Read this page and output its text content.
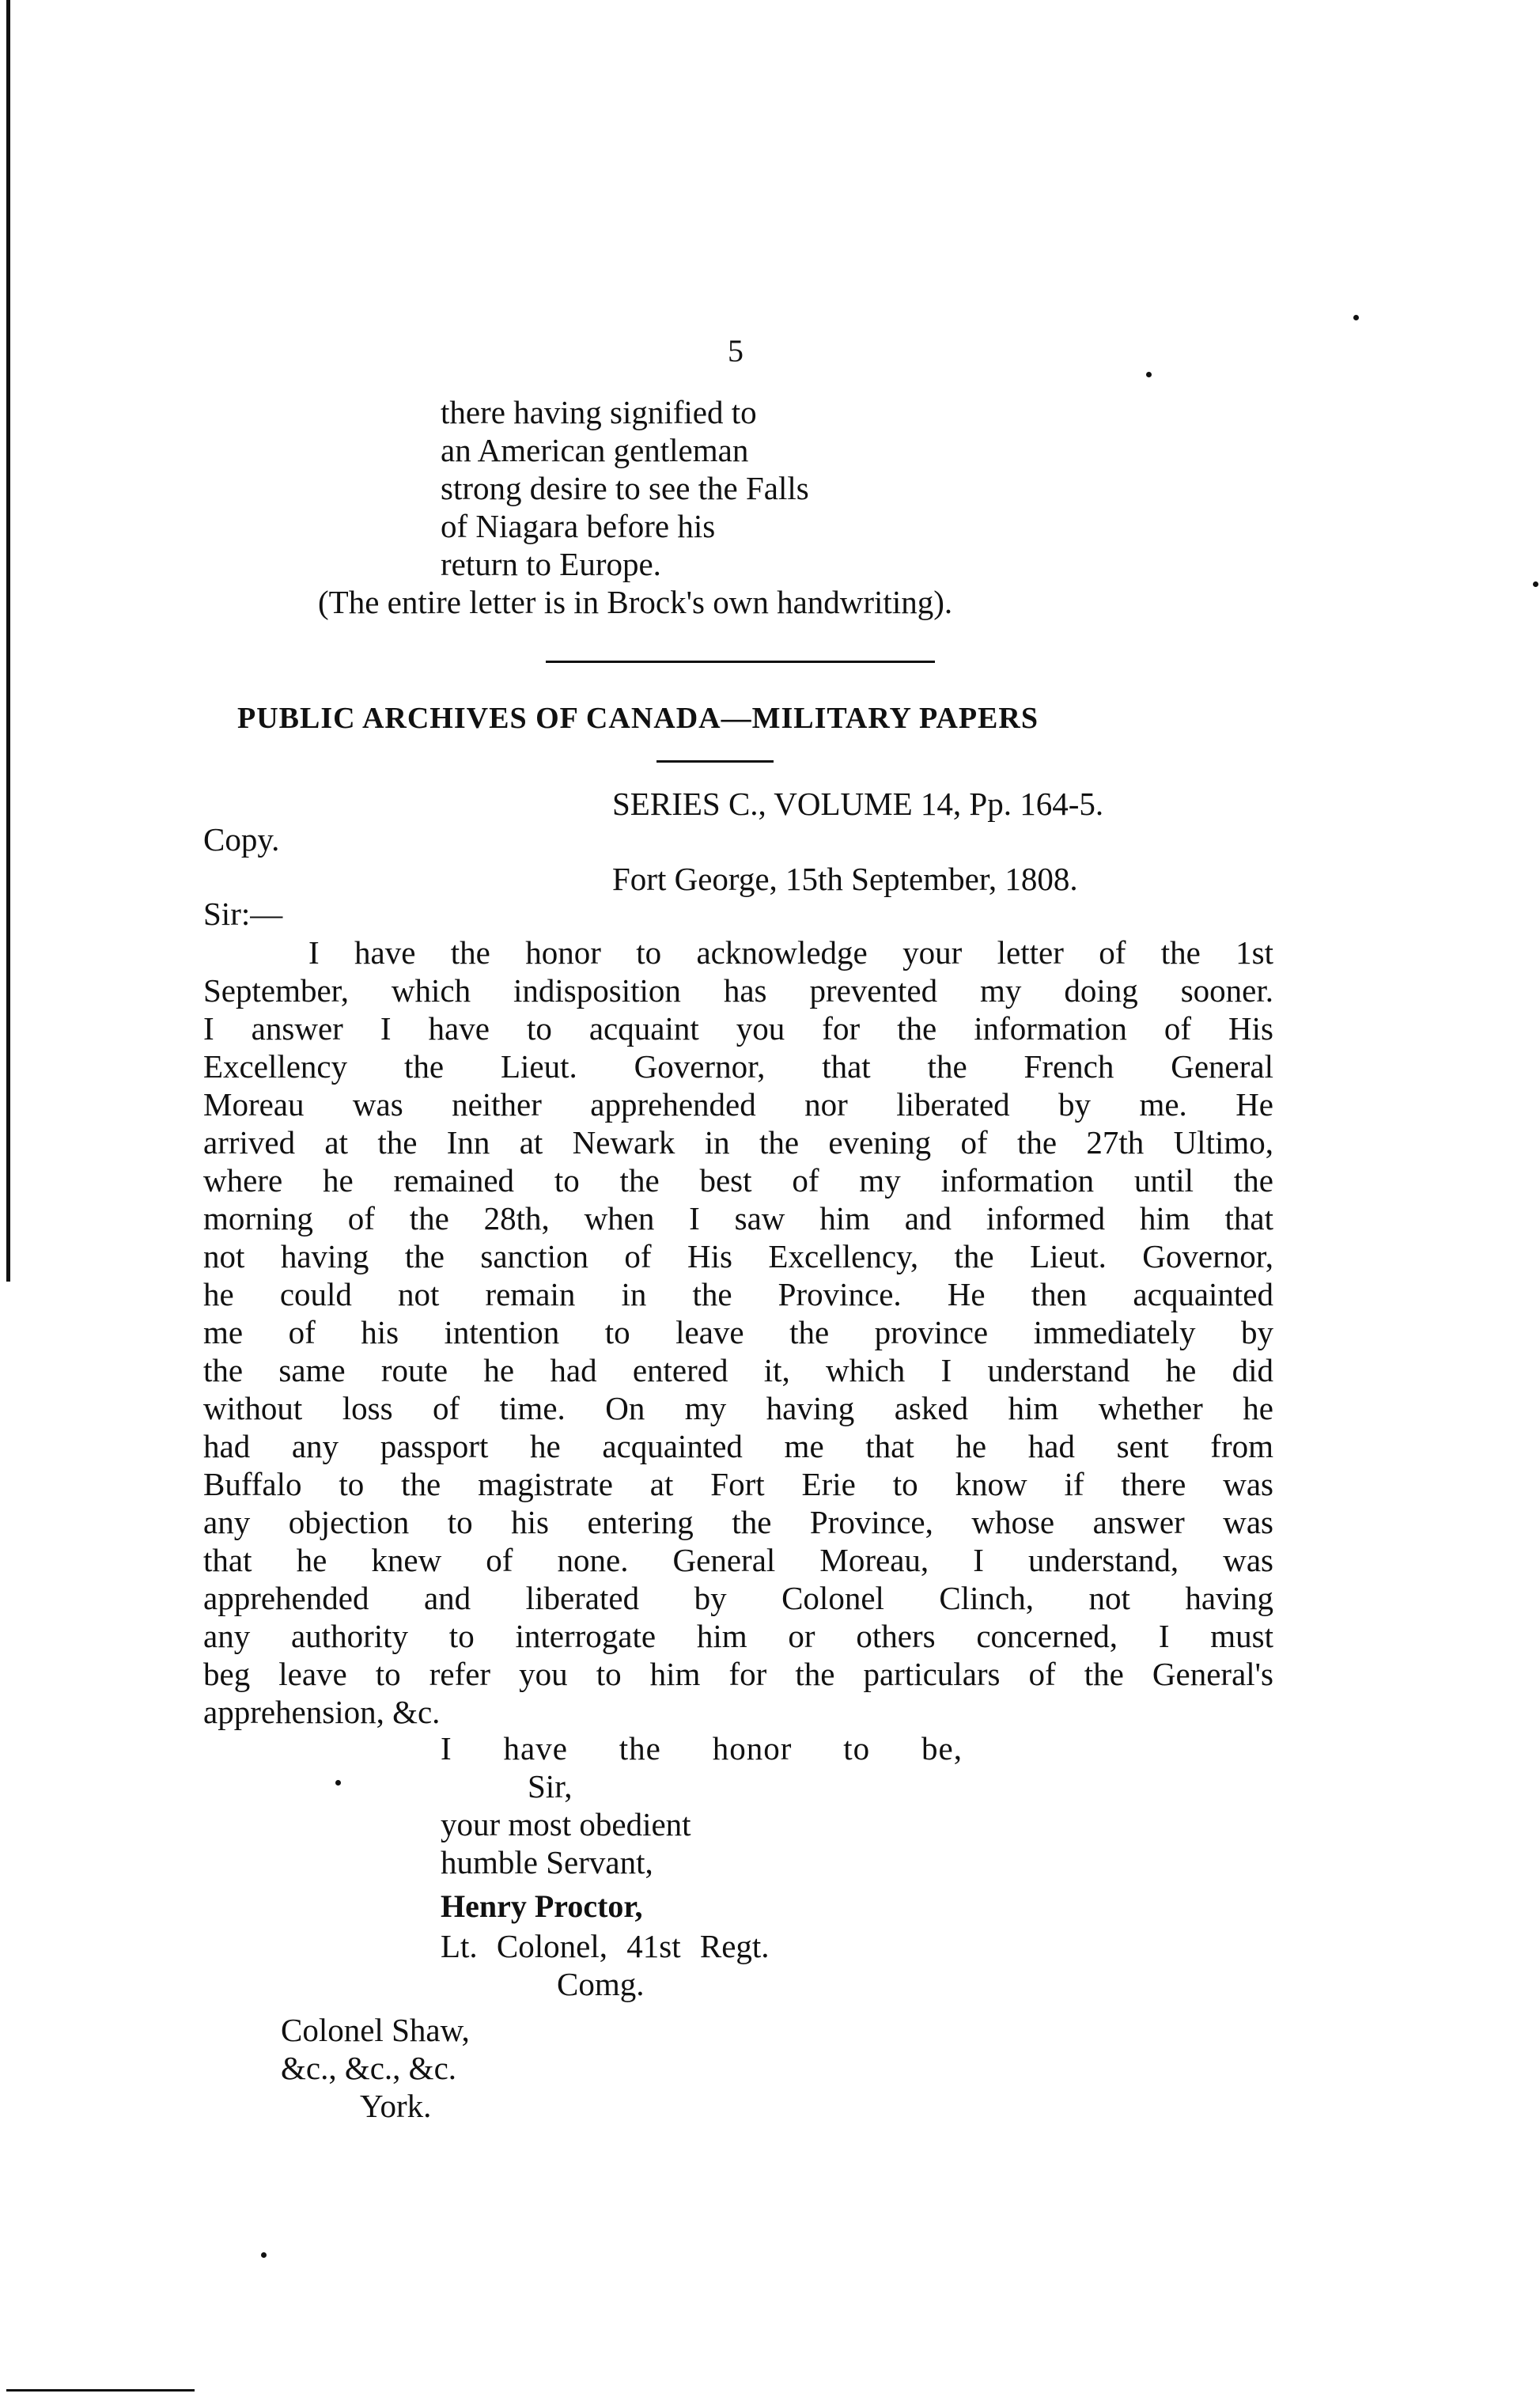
5

there having signified to

an American gentleman

strong desire to see the Falls

of Niagara before his

return to Europe.

(The entire letter is in Brock's own handwriting).

PUBLIC ARCHIVES OF CANADA—MILITARY PAPERS

SERIES C., VOLUME 14, Pp. 164-5.

Copy.

Fort George, 15th September, 1808.

Sir:—

I have the honor to acknowledge your letter of the 1st

September, which indisposition has prevented my doing sooner.

I answer I have to acquaint you for the information of His

Excellency the Lieut. Governor, that the French General

Moreau was neither apprehended nor liberated by me. He

arrived at the Inn at Newark in the evening of the 27th Ultimo,

where he remained to the best of my information until the

morning of the 28th, when I saw him and informed him that

not having the sanction of His Excellency, the Lieut. Governor,

he could not remain in the Province. He then acquainted

me of his intention to leave the province immediately by

the same route he had entered it, which I understand he did

without loss of time. On my having asked him whether he

had any passport he acquainted me that he had sent from

Buffalo to the magistrate at Fort Erie to know if there was

any objection to his entering the Province, whose answer was

that he knew of none. General Moreau, I understand, was

apprehended and liberated by Colonel Clinch, not having

any authority to interrogate him or others concerned, I must

beg leave to refer you to him for the particulars of the General's

apprehension, &c.

I have the honor to be,

Sir,

your most obedient

humble Servant,

Henry Proctor,

Lt. Colonel, 41st Regt.

Comg.

Colonel Shaw,

&c., &c., &c.

York.
